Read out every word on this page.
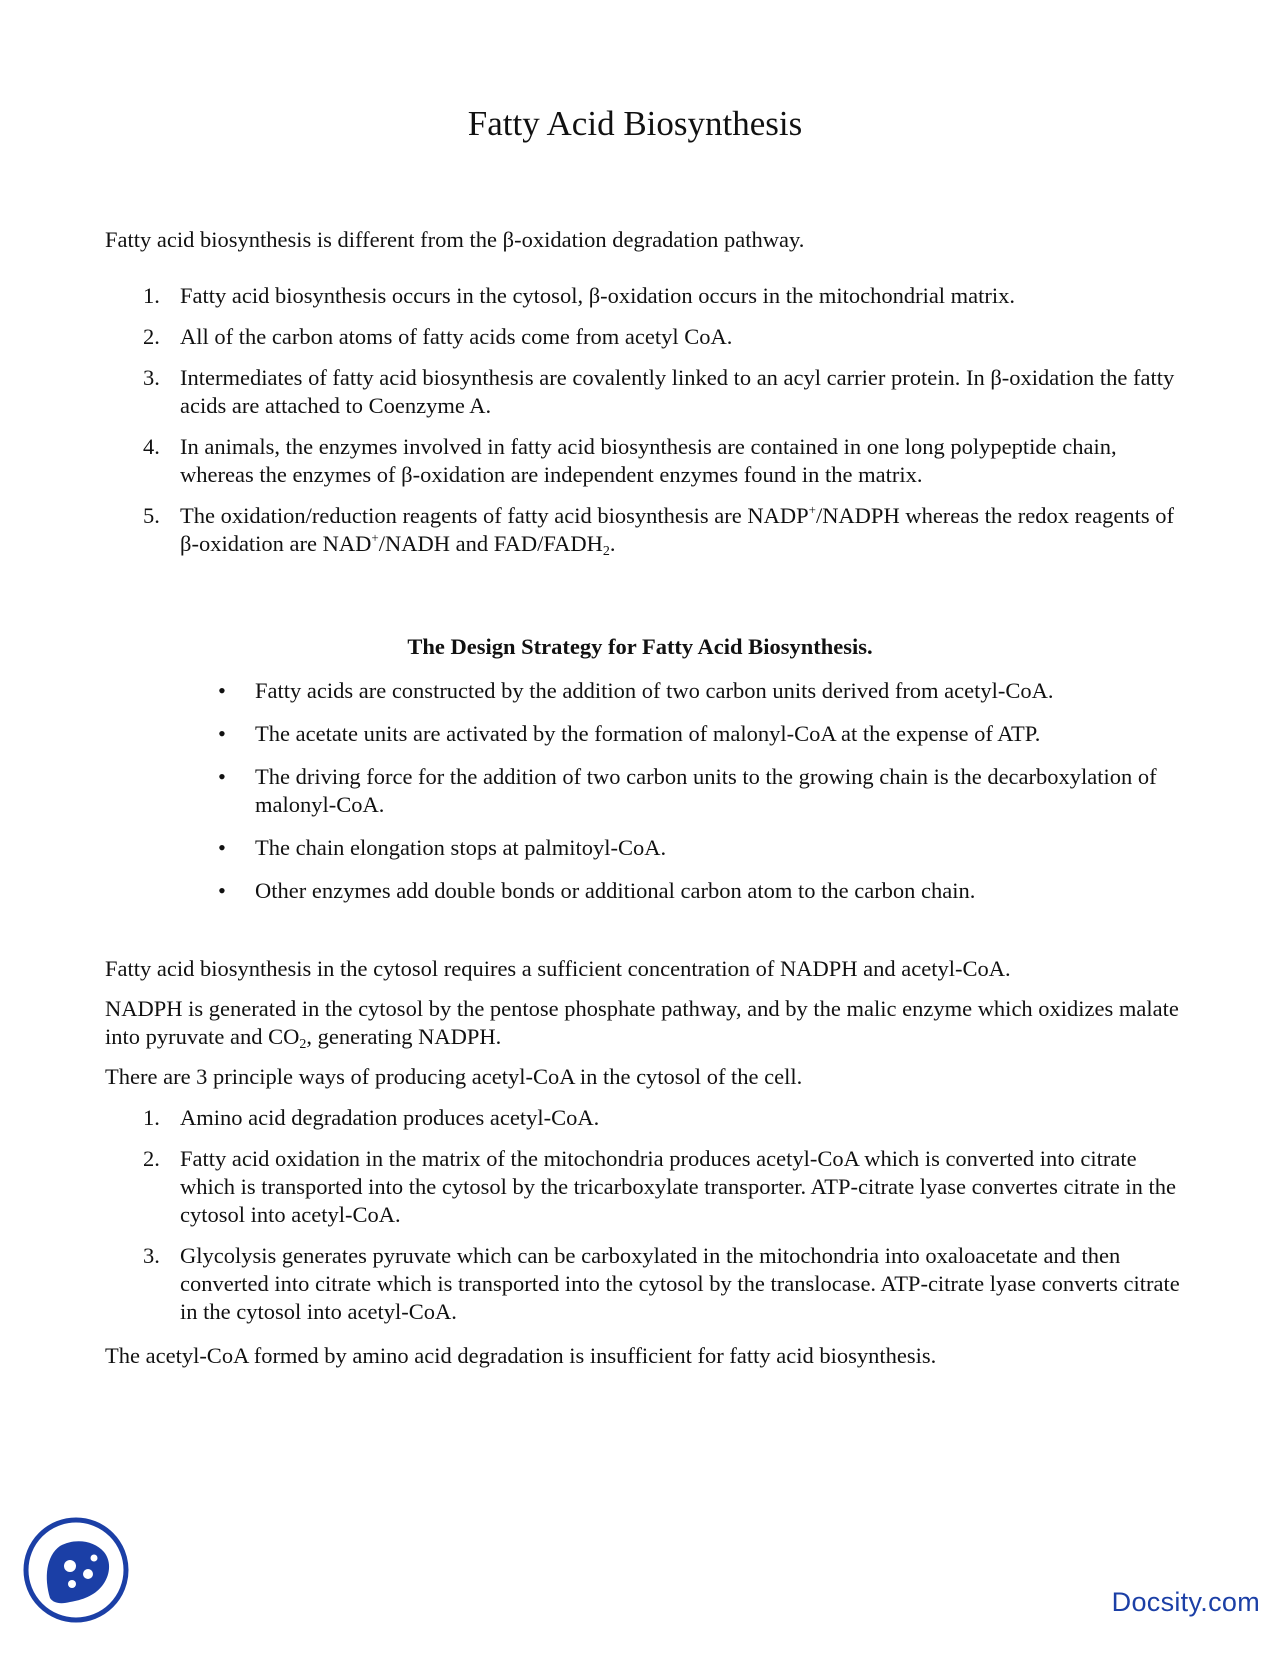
Fatty Acid Biosynthesis

Fatty acid biosynthesis is different from the β-oxidation degradation pathway.

1. Fatty acid biosynthesis occurs in the cytosol, β-oxidation occurs in the mitochondrial matrix.
2. All of the carbon atoms of fatty acids come from acetyl CoA.
3. Intermediates of fatty acid biosynthesis are covalently linked to an acyl carrier protein. In β-oxidation the fatty acids are attached to Coenzyme A.
4. In animals, the enzymes involved in fatty acid biosynthesis are contained in one long polypeptide chain, whereas the enzymes of β-oxidation are independent enzymes found in the matrix.
5. The oxidation/reduction reagents of fatty acid biosynthesis are NADP+/NADPH whereas the redox reagents of β-oxidation are NAD+/NADH and FAD/$FADH_2$.
The Design Strategy for Fatty Acid Biosynthesis.
• Fatty acids are constructed by the addition of two carbon units derived from acetyl-CoA.
• The acetate units are activated by the formation of malonyl-CoA at the expense of ATP.
• The driving force for the addition of two carbon units to the growing chain is the decarboxylation of malonyl-CoA.
• The chain elongation stops at palmitoyl-CoA.
• Other enzymes add double bonds or additional carbon atom to the carbon chain.

Fatty acid biosynthesis in the cytosol requires a sufficient concentration of NADPH and acetyl-CoA.

NADPH is generated in the cytosol by the pentose phosphate pathway, and by the malic enzyme which oxidizes malate into pyruvate and $CO_2$, generating NADPH.

There are 3 principle ways of producing acetyl-CoA in the cytosol of the cell.

1. Amino acid degradation produces acetyl-CoA.
2. Fatty acid oxidation in the matrix of the mitochondria produces acetyl-CoA which is converted into citrate which is transported into the cytosol by the tricarboxylate transporter. ATP-citrate lyase convertes citrate in the cytosol into acetyl-CoA.
3. Glycolysis generates pyruvate which can be carboxylated in the mitochondria into oxaloacetate and then converted into citrate which is transported into the cytosol by the translocase. ATP-citrate lyase converts citrate in the cytosol into acetyl-CoA.

The acetyl-CoA formed by amino acid degradation is insufficient for fatty acid biosynthesis.

Docsity.com
